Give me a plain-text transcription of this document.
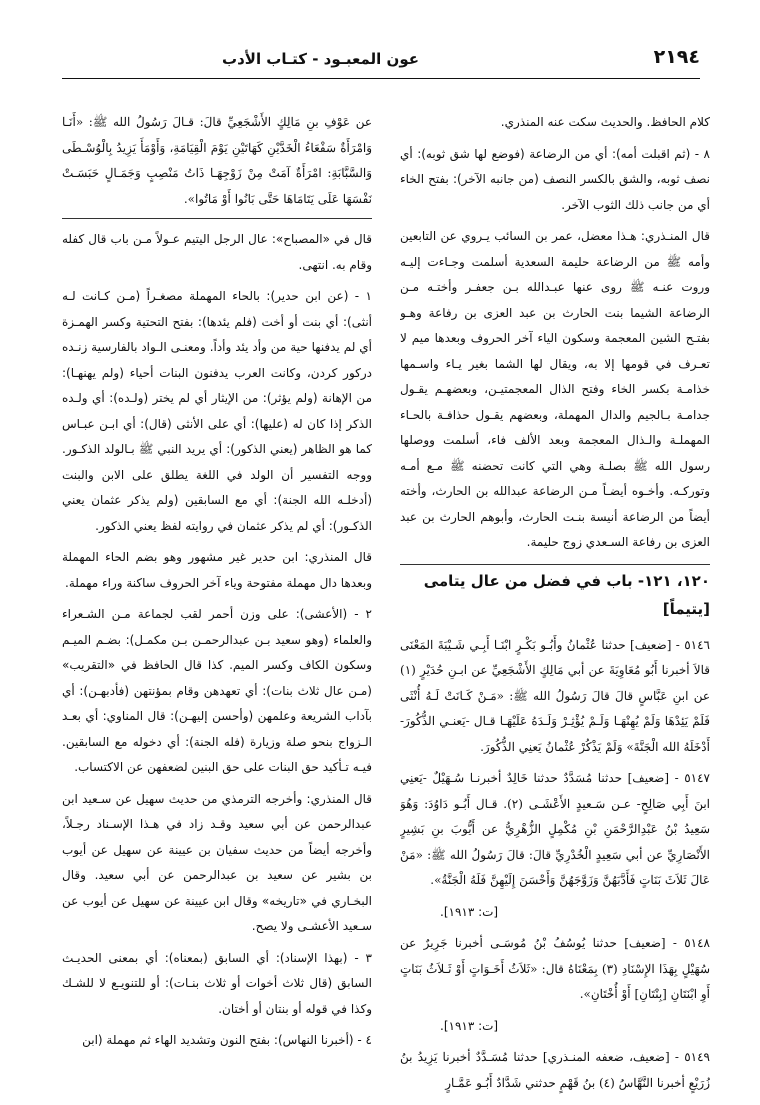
٢١٩٤
عون المعبـود - كتـاب الأدب

كلام الحافظ. والحديث سكت عنه المنذري.

٨ - (ثم اقبلت أمه): أي من الرضاعة (فوضع لها شق ثوبه): أي نصف ثوبه، والشق بالكسر النصف (من جانبه الآخر): بفتح الخاء أي من جانب ذلك الثوب الآخر.

قال المنـذري: هـذا معضل، عمر بن السائب يـروي عن التابعين وأمه ﷺ من الرضاعة حليمة السعدية أسلمت وجـاءت إليـه وروت عنـه ﷺ روى عنها عبـدالله بـن جعفـر وأختـه مـن الرضاعة الشيما بنت الحارث بن عبد العزى بن رفاعة وهـو بفتـح الشين المعجمة وسكون الياء آخر الحروف وبعدها ميم لا تعـرف في قومها إلا به، ويقال لها الشما بغير يـاء واسـمها خذامـة بكسر الخاء وفتح الذال المعجمتيـن، وبعضهـم يقـول جدامـة بـالجيم والدال المهملة، وبعضهم يقـول حذافـة بالحـاء المهملـة والـذال المعجمة وبعد الألف فاء، أسلمت ووصلها رسول الله ﷺ بصلـة وهي التي كانت تحضنه ﷺ مـع أمـه وتوركـه. وأخـوه أيضـاً مـن الرضاعة عبدالله بن الحارث، وأخته أيضاً من الرضاعة أنيسة بنـت الحارث، وأبوهم الحارث بن عبد العزى بن رفاعة السـعدي زوج حليمة.

١٢٠، ١٢١- باب في فضل من عال يتامى [يتيماً]

٥١٤٦ - [ضعيف] حدثنا عُثْمانُ وأَبُـو بَكْـرٍ ابْنَـا أَبِـي شَـيْبَةَ المَعْنَى قالاَ أخبرنا أَبُو مُعَاوِيَةَ عن أبي مَالِكٍ الأَشْجَعِيِّ عن ابـنِ حُدَيْرٍ (١) عن ابنِ عَبَّاسٍ قالَ قالَ رَسُولُ الله ﷺ: «مَـنْ كَـانَتْ لَـهُ أُنْثَى فَلَمْ يَئِدْهَا وَلَمْ يُهِنْهَـا وَلَـمْ يُؤْثِـرْ وَلَـدَهُ عَلَيْهَـا قـال -يَعنـي الذُّكُورَ- أَدْخَلَهُ الله الْجَنَّةَ» وَلَمْ يَذْكُرْ عُثْمانُ يَعنِي الذُّكُورَ.

٥١٤٧ - [ضعيف] حدثنا مُسَدَّدٌ حدثنا خَالِدٌ أخبرنـا سُـهَيْلٌ -يَعنِي ابنَ أَبِي صَالِحٍ- عـن سَـعيدٍ الأَعْشَـى (٢). قـال أَبُـو دَاوُدَ: وَهُوَ سَعِيدُ بْنُ عَبْدِالرَّحْمَنِ بْنِ مُكْمِلٍ الزُّهْرِيُّ عن أَيُّوبَ بنِ بَشِيرٍ الأَنْصَارِيِّ عن أبي سَعِيدٍ الْخُدْرِيِّ قالَ: قالَ رَسُولُ الله ﷺ: «مَنْ عَالَ ثَلاَثَ بَنَاتٍ فَأَدَّبَهُنَّ وَزَوَّجَهُنَّ وَأَحْسَنَ إِلَيْهِنَّ فَلَهُ الْجَنَّةُ».

[ت: ١٩١٣].

٥١٤٨ - [ضعيف] حدثنا يُوسُفُ بْنُ مُوسَـى أخبرنا جَرِيرٌ عن سُهَيْلٍ بِهَذَا الإِسْنَادِ (٣) بِمَعْنَاهُ قال: «ثَلاَثُ أَخَـوَاتٍ أَوْ ثَـلاَثُ بَنَاتٍ أَوِ ابْنَتَانِ [بِنْتَانِ] أَوْ أُخْتَانِ».

[ت: ١٩١٣].

٥١٤٩ - [ضعيف، ضعفه المنـذري] حدثنا مُسَـدَّدٌ أخبرنا يَزِيدُ بنُ زُرَيْعٍ أخبرنا النَّهَّاسُ (٤) بنُ قَهْمٍ حدثني شَدَّادٌ أَبُـو عَمَّـارٍ

عن عَوْفِ بنِ مَالِكٍ الأَشْجَعِيِّ قالَ: قـالَ رَسُولُ الله ﷺ: «أَنَـا وَامْرَأَةٌ سَفْعَاءُ الْخَدَّيْنِ كَهَاتَيْنِ يَوْمَ الْقِيَامَةِ، وَأَوْمَأَ يَزِيدُ بِالْوُسْـطَى وَالسَّبَّابَةِ: امْرَأَةٌ آمَتْ مِنْ زَوْجِهَـا ذَاتُ مَنْصِبٍ وَجَمَـالٍ حَبَسَـتْ نَفْسَهَا عَلَى يَتَامَاهَا حَتَّى بَانُوا أَوْ مَاتُوا».

قال في «المصباح»: عال الرجل اليتيم عـولاً مـن باب قال كفله وقام به. انتهى.

١ - (عن ابن حدير): بالحاء المهملة مصغـراً (مـن كـانت لـه أنثى): أي بنت أو أخت (فلم يئدها): بفتح التحتية وكسر الهمـزة أي لم يدفنها حية من وأد يئد وأداً. ومعنـى الـواد بالفارسية زنـده دركور كردن، وكانت العرب يدفنون البنات أحياء (ولم يهنهـا): من الإهانة (ولم يؤثر): من الإيثار أي لم يختر (ولـده): أي ولـده الذكر إذا كان له (عليها): أي على الأنثى (قال): أي ابـن عبـاس كما هو الظاهر (يعني الذكور): أي يريد النبي ﷺ بـالولد الذكـور. ووجه التفسير أن الولد في اللغة يطلق على الابن والبنت (أدخلـه الله الجنة): أي مع السابقين (ولم يذكر عثمان يعني الذكـور): أي لم يذكر عثمان في روايته لفظ يعني الذكور.

قال المنذري: ابن حدير غير مشهور وهو بضم الحاء المهملة وبعدها دال مهملة مفتوحة وياء آخر الحروف ساكنة وراء مهملة.

٢ - (الأعشى): على وزن أحمر لقب لجماعة مـن الشـعراء والعلماء (وهو سعيد بـن عبدالرحمـن بـن مكمـل): بضـم الميـم وسكون الكاف وكسر الميم. كذا قال الحافظ في «التقريب» (مـن عال ثلاث بنات): أي تعهدهن وقام بمؤنتهن (فأدبهـن): أي بآداب الشريعة وعلمهن (وأحسن إليهـن): قال المناوي: أي بعـد الـزواج بنحو صلة وزيارة (فله الجنة): أي دخوله مع السابقين. فيـه تـأكيد حق البنات على حق البنين لضعفهن عن الاكتساب.

قال المنذري: وأخرجه الترمذي من حديث سهيل عن سـعيد ابن عبدالرحمن عن أبي سعيد وقـد زاد في هـذا الإسـناد رجـلاً، وأخرجه أيضاً من حديث سفيان بن عيينة عن سهيل عن أيوب بن بشير عن سعيد بن عبدالرحمن عن أبي سعيد. وقال البخـاري في «تاريخه» وقال ابن عيينة عن سهيل عن أيوب عن سـعيد الأعشـى ولا يصح.

٣ - (بهذا الإسناد): أي السابق (بمعناه): أي بمعنى الحديـث السابق (قال ثلاث أخوات أو ثلاث بنـات): أو للتنويـع لا للشـك وكذا في قوله أو بنتان أو أختان.

٤ - (أخبرنا النهاس): بفتح النون وتشديد الهاء ثم مهملة (ابن
